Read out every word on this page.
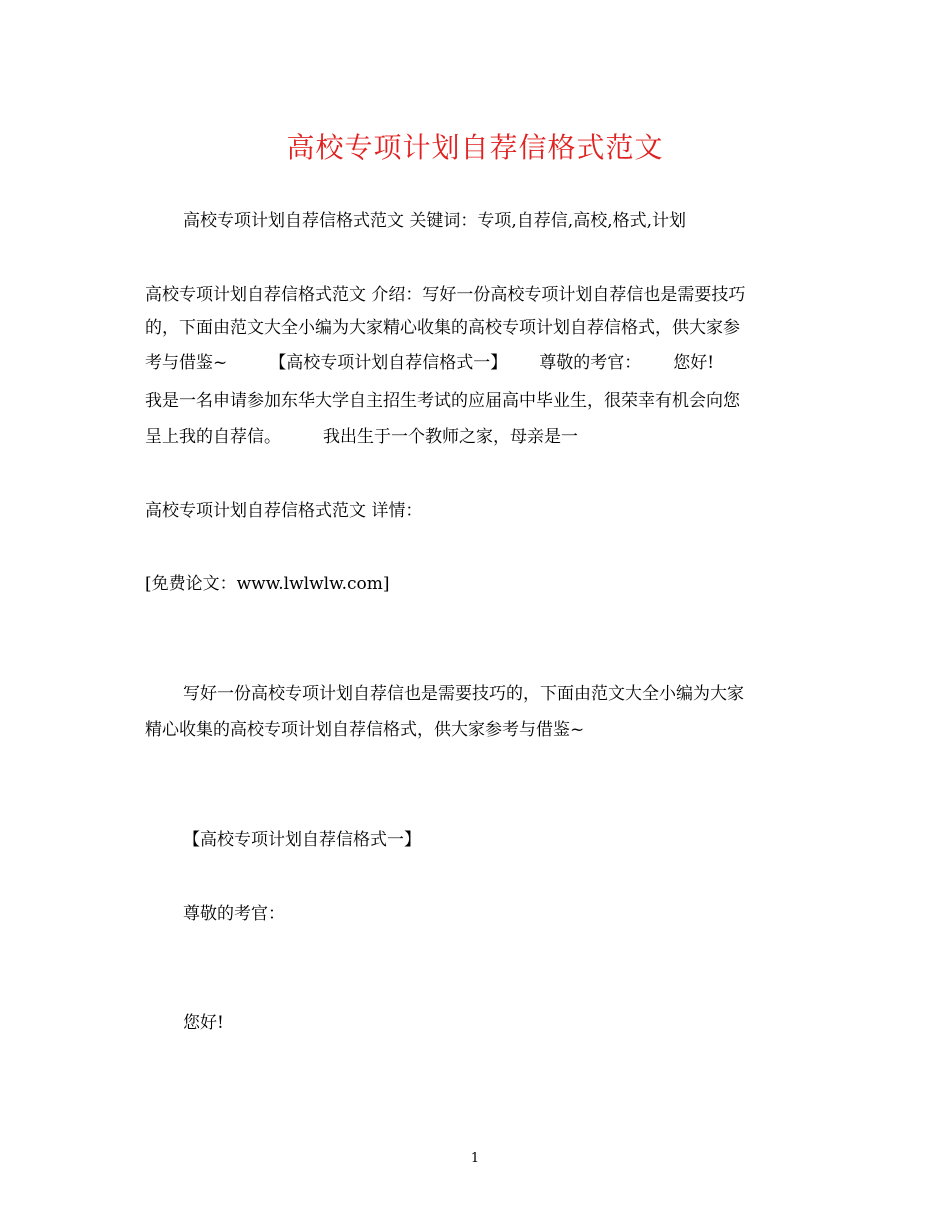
高校专项计划自荐信格式范文
高校专项计划自荐信格式范文 关键词：专项,自荐信,高校,格式,计划
高校专项计划自荐信格式范文 介绍：写好一份高校专项计划自荐信也是需要技巧
的，下面由范文大全小编为大家精心收集的高校专项计划自荐信格式，供大家参
考与借鉴~ 【高校专项计划自荐信格式一】 尊敬的考官： 您好!
我是一名申请参加东华大学自主招生考试的应届高中毕业生，很荣幸有机会向您
呈上我的自荐信。 我出生于一个教师之家，母亲是一
高校专项计划自荐信格式范文 详情：
[免费论文：www.lwlwlw.com]
写好一份高校专项计划自荐信也是需要技巧的，下面由范文大全小编为大家
精心收集的高校专项计划自荐信格式，供大家参考与借鉴~
【高校专项计划自荐信格式一】
尊敬的考官：
您好!
1
